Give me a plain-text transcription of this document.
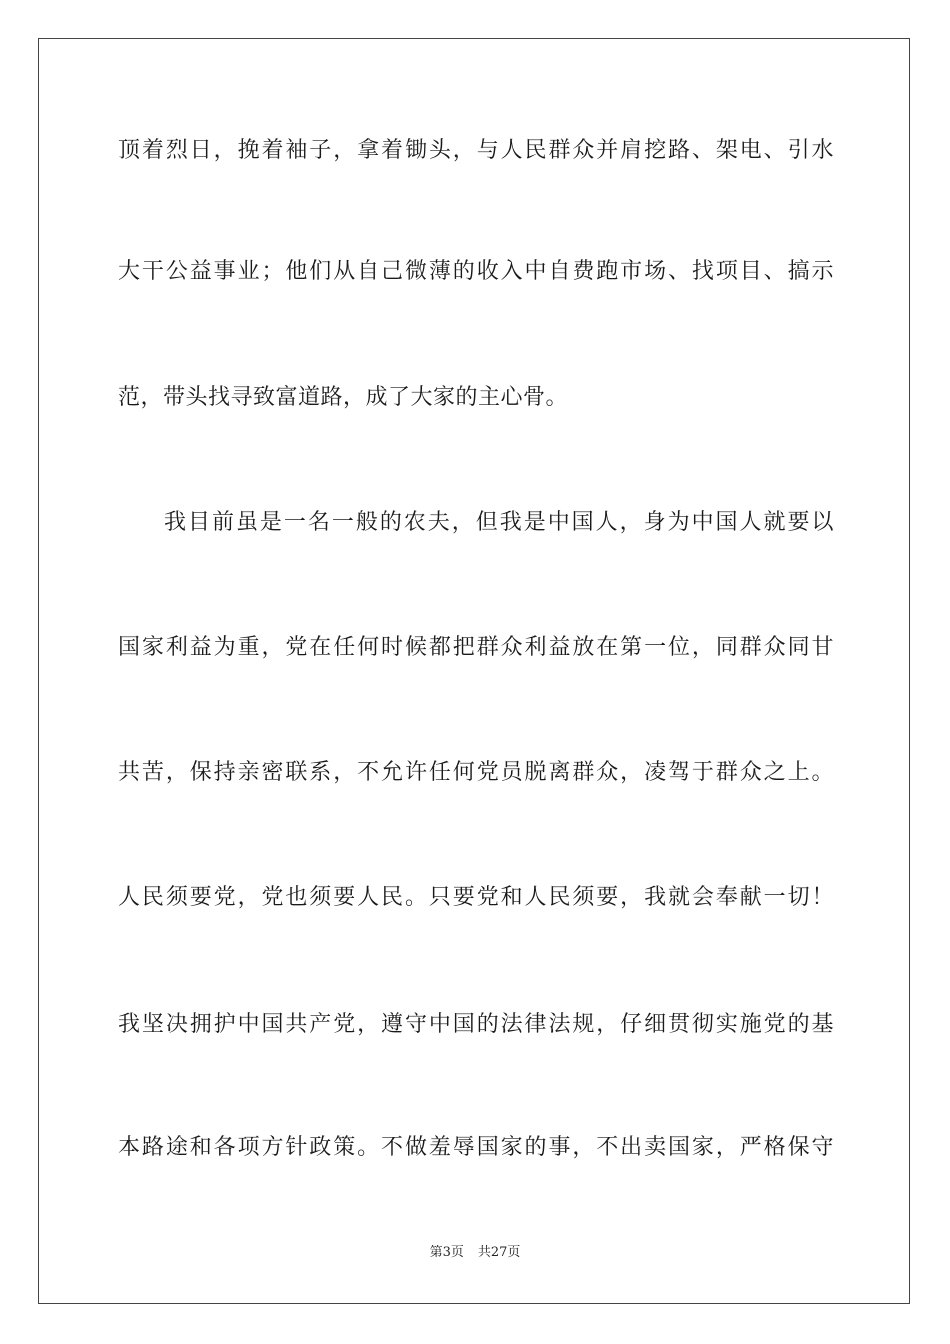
顶着烈日，挽着袖子，拿着锄头，与人民群众并肩挖路、架电、引水
大干公益事业；他们从自己微薄的收入中自费跑市场、找项目、搞示
范，带头找寻致富道路，成了大家的主心骨。
我目前虽是一名一般的农夫，但我是中国人，身为中国人就要以
国家利益为重，党在任何时候都把群众利益放在第一位，同群众同甘
共苦，保持亲密联系，不允许任何党员脱离群众，凌驾于群众之上。
人民须要党，党也须要人民。只要党和人民须要，我就会奉献一切！
我坚决拥护中国共产党，遵守中国的法律法规，仔细贯彻实施党的基
本路途和各项方针政策。不做羞辱国家的事，不出卖国家，严格保守
第3页 共27页
